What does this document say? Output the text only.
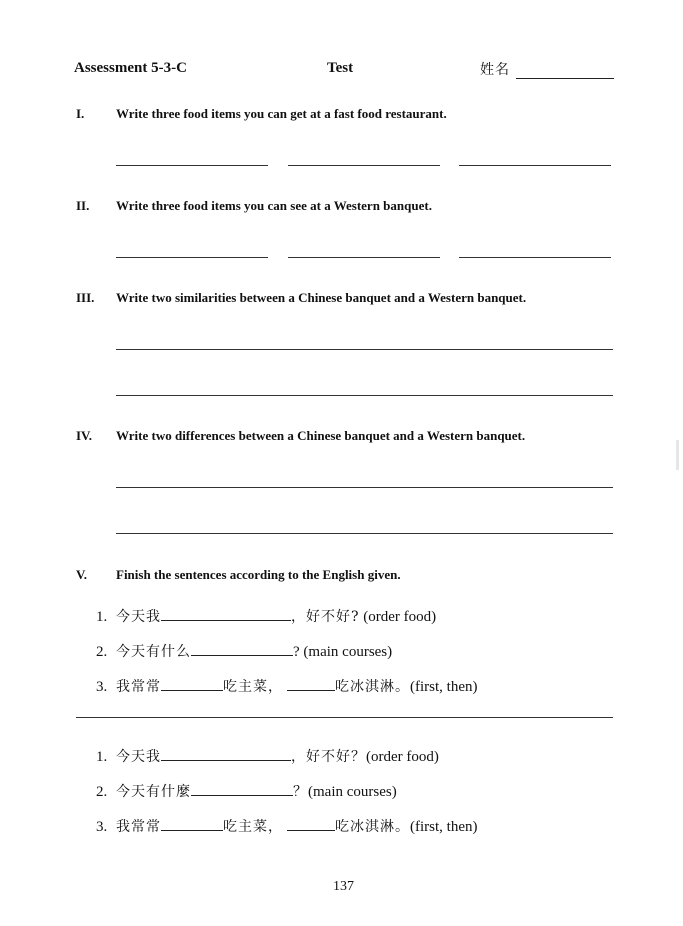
Assessment 5-3-C	Test	姓名
I. Write three food items you can get at a fast food restaurant.
II. Write three food items you can see at a Western banquet.
III. Write two similarities between a Chinese banquet and a Western banquet.
IV. Write two differences between a Chinese banquet and a Western banquet.
V. Finish the sentences according to the English given.
1. 今天我	，好不好? (order food)
2. 今天有什么	? (main courses)
3. 我常常	吃主菜，	吃冰淇淋。(first, then)
1. 今天我	，好不好？(order food)
2. 今天有什麼	？(main courses)
3. 我常常	吃主菜，	吃冰淇淋。(first, then)
137
